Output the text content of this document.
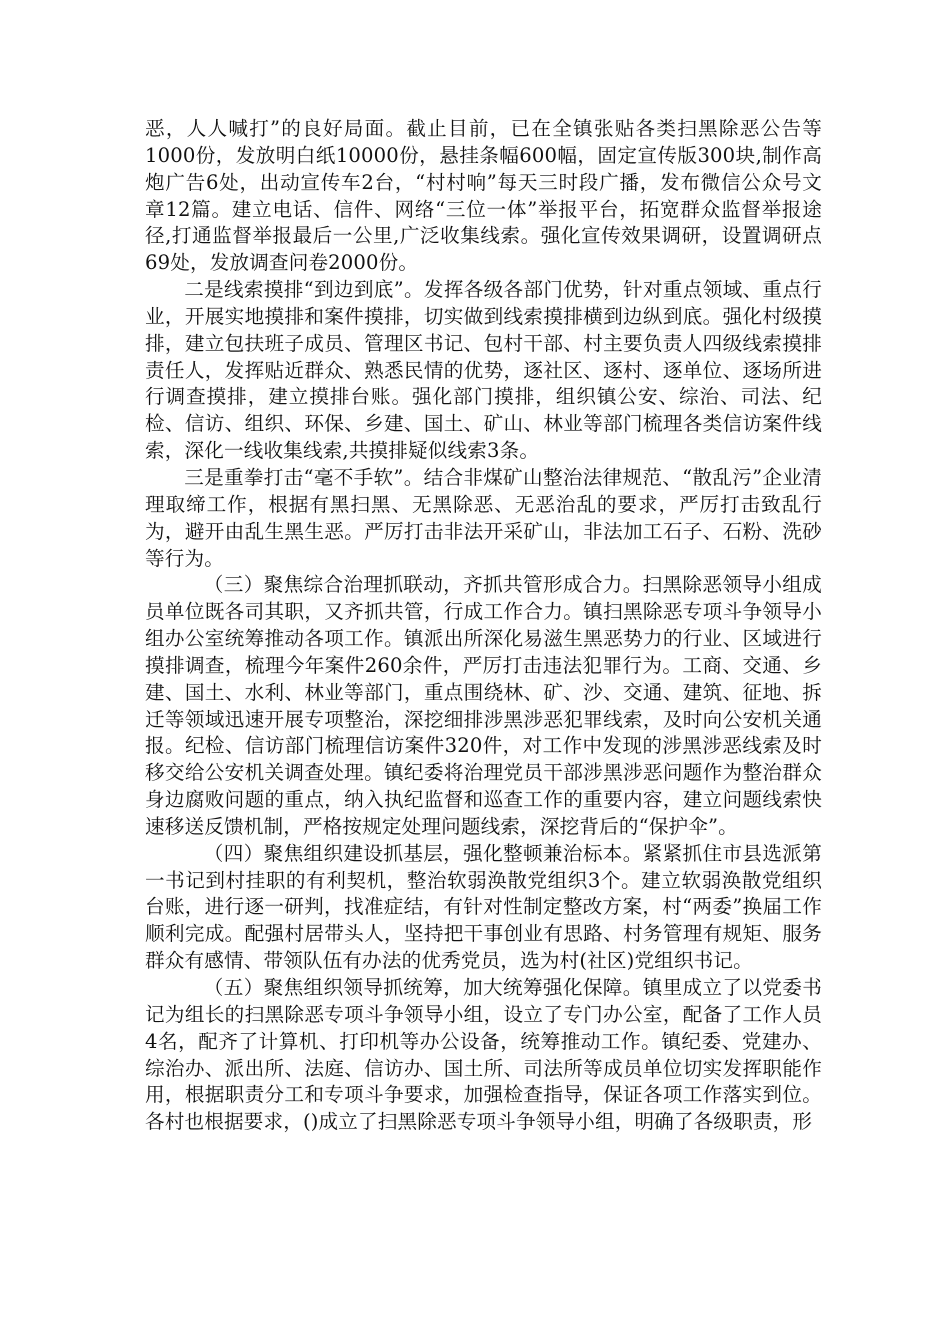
恶，人人喊打”的良好局面。截止目前，已在全镇张贴各类扫黑除恶公告等1000份，发放明白纸10000份，悬挂条幅600幅，固定宣传版300块,制作高炮广告6处，出动宣传车2台，“村村响”每天三时段广播，发布微信公众号文章12篇。建立电话、信件、网络“三位一体”举报平台，拓宽群众监督举报途径,打通监督举报最后一公里,广泛收集线索。强化宣传效果调研，设置调研点69处，发放调查问卷2000份。

二是线索摸排“到边到底”。发挥各级各部门优势，针对重点领域、重点行业，开展实地摸排和案件摸排，切实做到线索摸排横到边纵到底。强化村级摸排，建立包扶班子成员、管理区书记、包村干部、村主要负责人四级线索摸排责任人，发挥贴近群众、熟悉民情的优势，逐社区、逐村、逐单位、逐场所进行调查摸排，建立摸排台账。强化部门摸排，组织镇公安、综治、司法、纪检、信访、组织、环保、乡建、国土、矿山、林业等部门梳理各类信访案件线索，深化一线收集线索,共摸排疑似线索3条。

三是重拳打击“毫不手软”。结合非煤矿山整治法律规范、“散乱污”企业清理取缔工作，根据有黑扫黑、无黑除恶、无恶治乱的要求，严厉打击致乱行为，避开由乱生黑生恶。严厉打击非法开采矿山，非法加工石子、石粉、洗砂等行为。

（三）聚焦综合治理抓联动，齐抓共管形成合力。扫黑除恶领导小组成员单位既各司其职，又齐抓共管，行成工作合力。镇扫黑除恶专项斗争领导小组办公室统筹推动各项工作。镇派出所深化易滋生黑恶势力的行业、区域进行摸排调查，梳理今年案件260余件，严厉打击违法犯罪行为。工商、交通、乡建、国土、水利、林业等部门，重点围绕林、矿、沙、交通、建筑、征地、拆迁等领域迅速开展专项整治，深挖细排涉黑涉恶犯罪线索，及时向公安机关通报。纪检、信访部门梳理信访案件320件，对工作中发现的涉黑涉恶线索及时移交给公安机关调查处理。镇纪委将治理党员干部涉黑涉恶问题作为整治群众身边腐败问题的重点，纳入执纪监督和巡查工作的重要内容，建立问题线索快速移送反馈机制，严格按规定处理问题线索，深挖背后的“保护伞”。

（四）聚焦组织建设抓基层，强化整顿兼治标本。紧紧抓住市县选派第一书记到村挂职的有利契机，整治软弱涣散党组织3个。建立软弱涣散党组织台账，进行逐一研判，找准症结，有针对性制定整改方案，村“两委”换届工作顺利完成。配强村居带头人，坚持把干事创业有思路、村务管理有规矩、服务群众有感情、带领队伍有办法的优秀党员，选为村(社区)党组织书记。

（五）聚焦组织领导抓统筹，加大统筹强化保障。镇里成立了以党委书记为组长的扫黑除恶专项斗争领导小组，设立了专门办公室，配备了工作人员4名，配齐了计算机、打印机等办公设备，统筹推动工作。镇纪委、党建办、综治办、派出所、法庭、信访办、国土所、司法所等成员单位切实发挥职能作用，根据职责分工和专项斗争要求，加强检查指导，保证各项工作落实到位。各村也根据要求，()成立了扫黑除恶专项斗争领导小组，明确了各级职责，形
